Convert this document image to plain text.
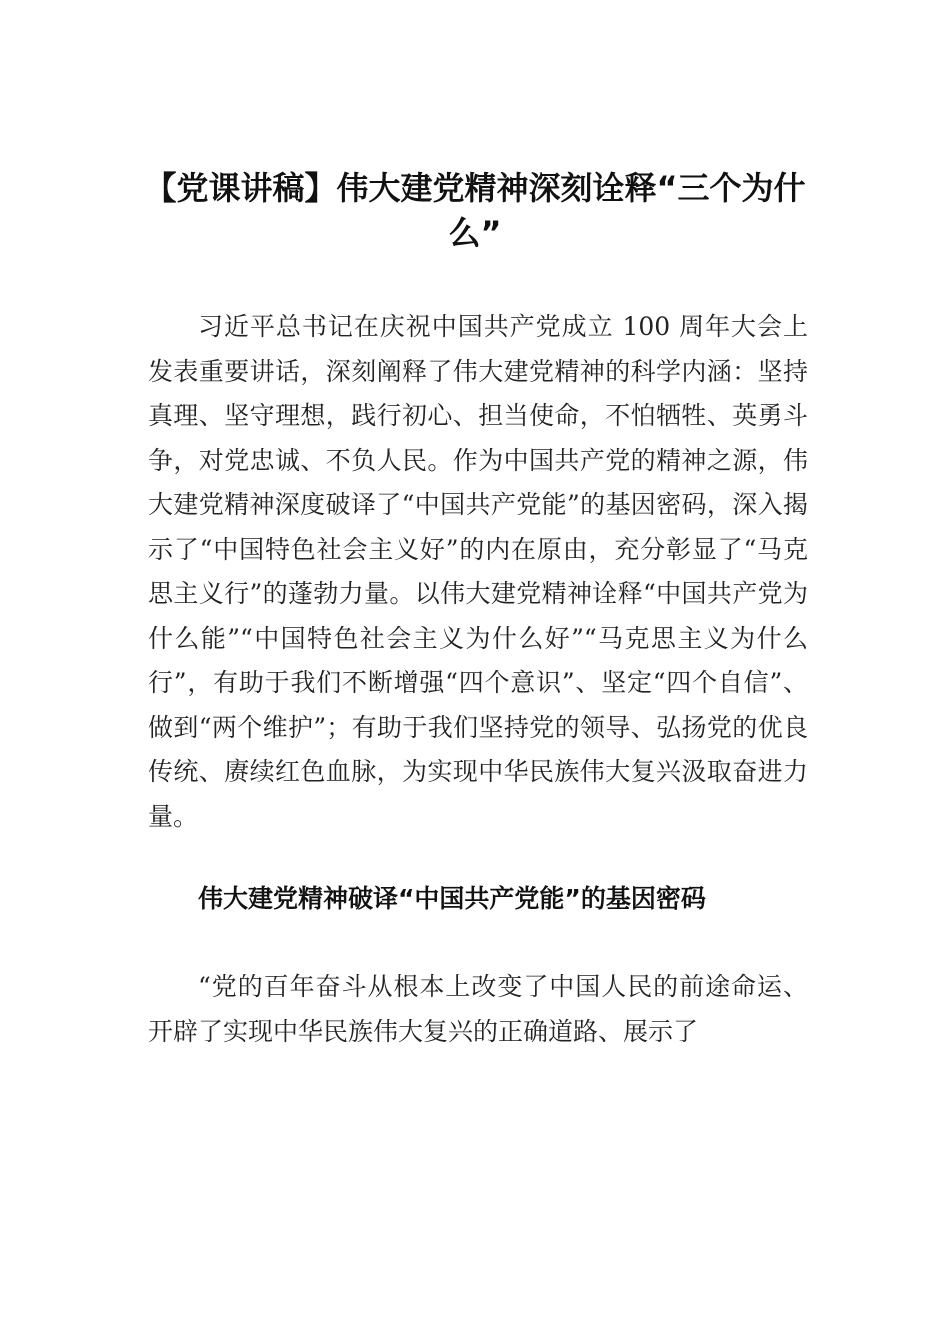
【党课讲稿】伟大建党精神深刻诠释“三个为什么”

习近平总书记在庆祝中国共产党成立 100 周年大会上发表重要讲话，深刻阐释了伟大建党精神的科学内涵：坚持真理、坚守理想，践行初心、担当使命，不怕牺牲、英勇斗争，对党忠诚、不负人民。作为中国共产党的精神之源，伟大建党精神深度破译了“中国共产党能”的基因密码，深入揭示了“中国特色社会主义好”的内在原由，充分彰显了“马克思主义行”的蓬勃力量。以伟大建党精神诠释“中国共产党为什么能”“中国特色社会主义为什么好”“马克思主义为什么行”，有助于我们不断增强“四个意识”、坚定“四个自信”、做到“两个维护”；有助于我们坚持党的领导、弘扬党的优良传统、赓续红色血脉，为实现中华民族伟大复兴汲取奋进力量。

伟大建党精神破译“中国共产党能”的基因密码

“党的百年奋斗从根本上改变了中国人民的前途命运、开辟了实现中华民族伟大复兴的正确道路、展示了
